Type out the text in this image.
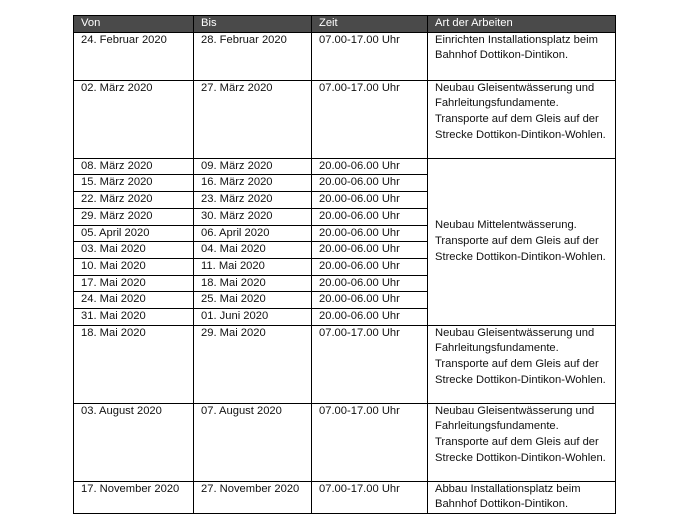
Von	Bis	Zeit	Art der Arbeiten
24. Februar 2020	28. Februar 2020	07.00-17.00 Uhr	Einrichten Installationsplatz beim Bahnhof Dottikon-Dintikon.
02. März 2020	27. März 2020	07.00-17.00 Uhr	Neubau Gleisentwässerung und Fahrleitungsfundamente. Transporte auf dem Gleis auf der Strecke Dottikon-Dintikon-Wohlen.
08. März 2020	09. März 2020	20.00-06.00 Uhr	Neubau Mittelentwässerung. Transporte auf dem Gleis auf der Strecke Dottikon-Dintikon-Wohlen.
15. März 2020	16. März 2020	20.00-06.00 Uhr	
22. März 2020	23. März 2020	20.00-06.00 Uhr	
29. März 2020	30. März 2020	20.00-06.00 Uhr	
05. April 2020	06. April 2020	20.00-06.00 Uhr	
03. Mai 2020	04. Mai 2020	20.00-06.00 Uhr	
10. Mai 2020	11. Mai 2020	20.00-06.00 Uhr	
17. Mai 2020	18. Mai 2020	20.00-06.00 Uhr	
24. Mai 2020	25. Mai 2020	20.00-06.00 Uhr	
31. Mai 2020	01. Juni 2020	20.00-06.00 Uhr	
18. Mai 2020	29. Mai 2020	07.00-17.00 Uhr	Neubau Gleisentwässerung und Fahrleitungsfundamente. Transporte auf dem Gleis auf der Strecke Dottikon-Dintikon-Wohlen.
03. August 2020	07. August 2020	07.00-17.00 Uhr	Neubau Gleisentwässerung und Fahrleitungsfundamente. Transporte auf dem Gleis auf der Strecke Dottikon-Dintikon-Wohlen.
17. November 2020	27. November 2020	07.00-17.00 Uhr	Abbau Installationsplatz beim Bahnhof Dottikon-Dintikon.
